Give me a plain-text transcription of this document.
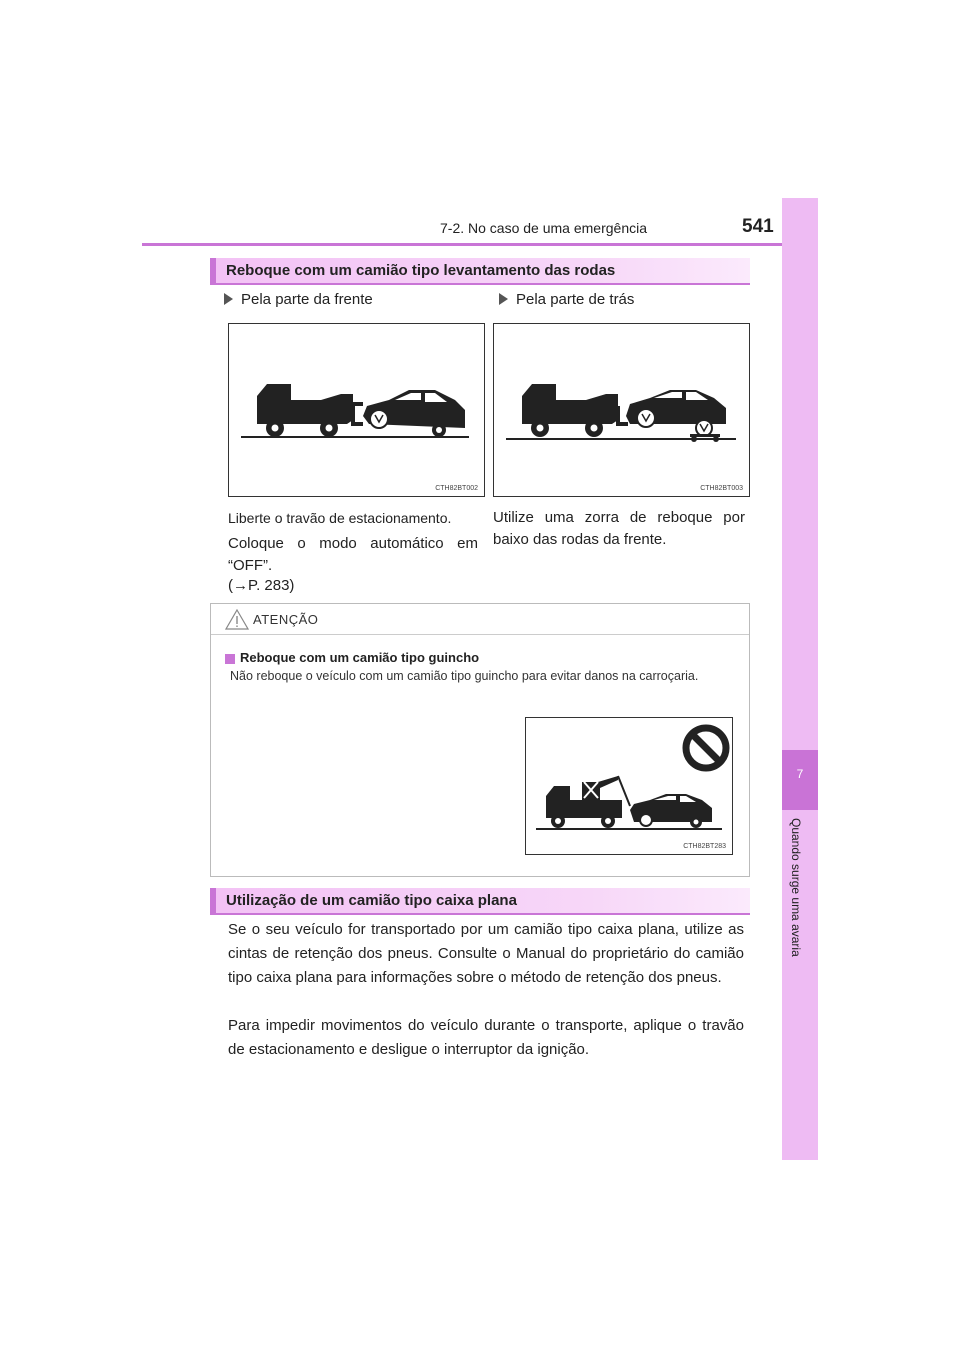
7-2. No caso de uma emergência	541
7
Quando surge uma avaria
Reboque com um camião tipo levantamento das rodas
Pela parte da frente	Pela parte de trás
CTH82BT002	CTH82BT003
Liberte o travão de estacionamento.
Coloque o modo automático em “OFF”.
(→P. 283)
Utilize uma zorra de reboque por baixo das rodas da frente.
ATENÇÃO
Reboque com um camião tipo guincho
Não reboque o veículo com um camião tipo guincho para evitar danos na carroçaria.
CTH82BT283
Utilização de um camião tipo caixa plana
Se o seu veículo for transportado por um camião tipo caixa plana, utilize as cintas de retenção dos pneus. Consulte o Manual do proprietário do camião tipo caixa plana para informações sobre o método de retenção dos pneus.
Para impedir movimentos do veículo durante o transporte, aplique o travão de estacionamento e desligue o interruptor da ignição.
